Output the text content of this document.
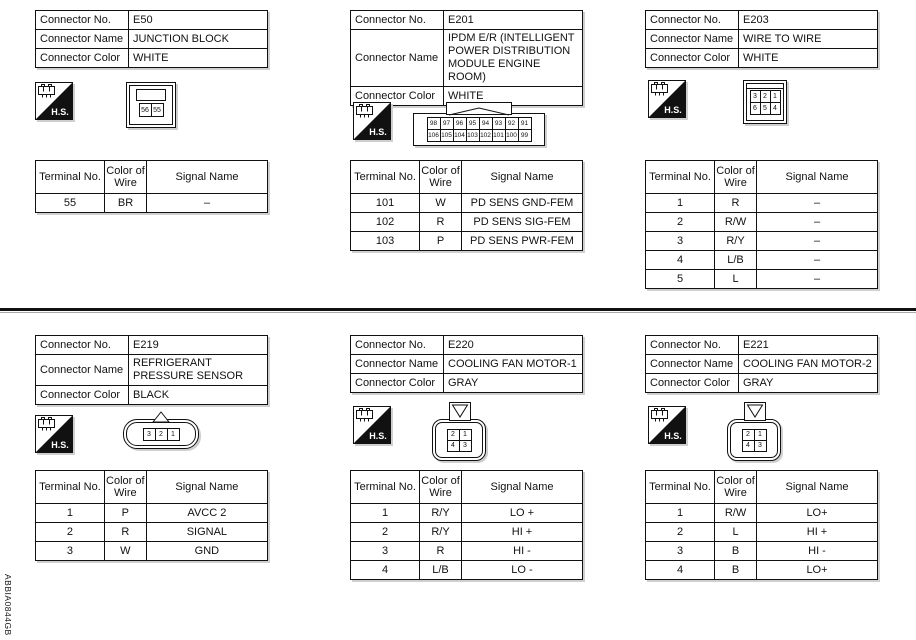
Connector No.	E50
Connector Name	JUNCTION BLOCK
Connector Color	WHITE
H.S.	56 55
Terminal No.	Color of Wire	Signal Name
55	BR	–
Connector No.	E201
Connector Name	IPDM E/R (INTELLIGENT POWER DISTRIBUTION MODULE ENGINE ROOM)
Connector Color	WHITE
H.S.
98 97 96 95 94 93 92 91
106 105 104 103 102 101 100 99
Terminal No.	Color of Wire	Signal Name
101	W	PD SENS GND-FEM
102	R	PD SENS SIG-FEM
103	P	PD SENS PWR-FEM
Connector No.	E203
Connector Name	WIRE TO WIRE
Connector Color	WHITE
H.S.
3 2 1
6 5 4
Terminal No.	Color of Wire	Signal Name
1	R	–
2	R/W	–
3	R/Y	–
4	L/B	–
5	L	–
Connector No.	E219
Connector Name	REFRIGERANT PRESSURE SENSOR
Connector Color	BLACK
H.S.
3	2	1
Terminal No.	Color of Wire	Signal Name
1	P	AVCC 2
2	R	SIGNAL
3	W	GND
Connector No.	E220
Connector Name	COOLING FAN MOTOR-1
Connector Color	GRAY
H.S.	2	1
4	3
Terminal No.	Color of Wire	Signal Name
1	R/Y	LO +
2	R/Y	HI +
3	R	HI -
4	L/B	LO -
Connector No.	E221
Connector Name	COOLING FAN MOTOR-2
Connector Color	GRAY
H.S.	2	1
4	3
Terminal No.	Color of Wire	Signal Name
1	R/W	LO+
2	L	HI +
3	B	HI -
4	B	LO+
ABBIA0844GB
